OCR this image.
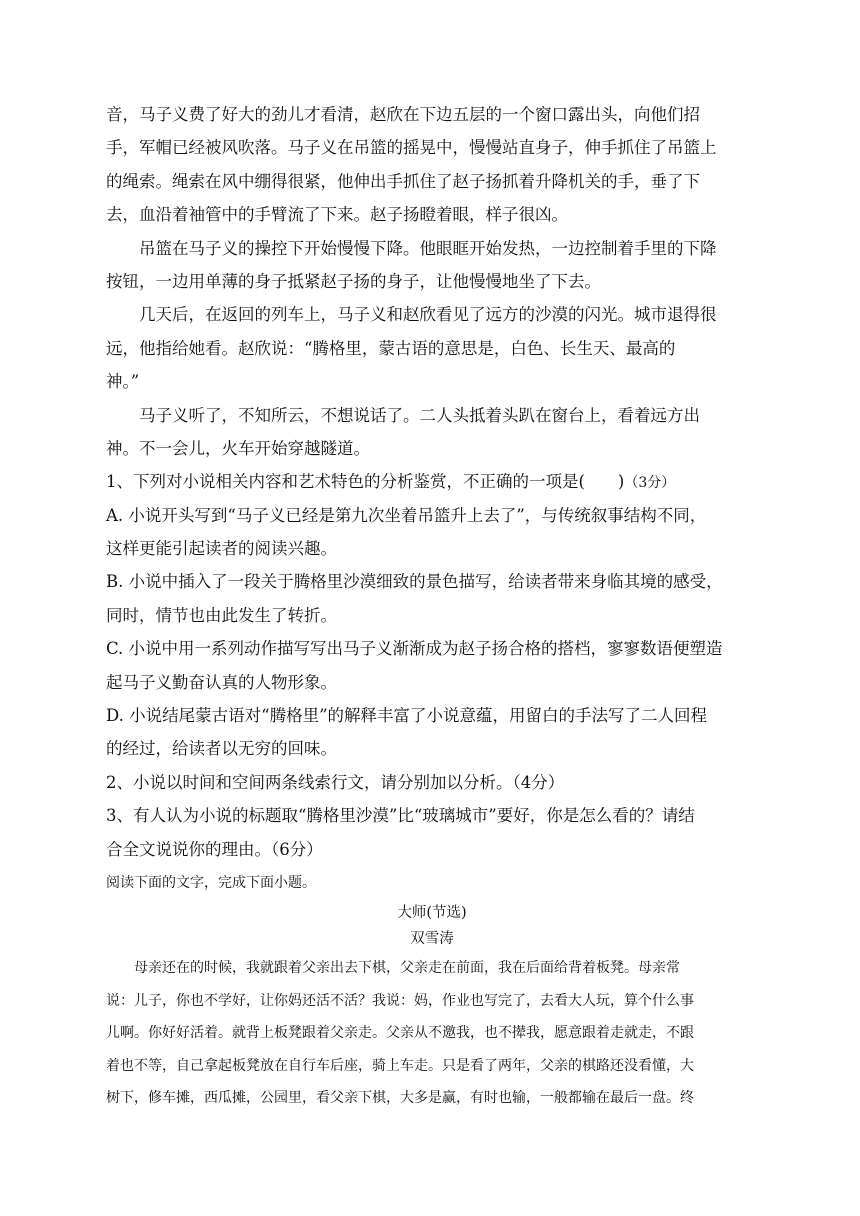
音，马子义费了好大的劲儿才看清，赵欣在下边五层的一个窗口露出头，向他们招
手，军帽已经被风吹落。马子义在吊篮的摇晃中，慢慢站直身子，伸手抓住了吊篮上
的绳索。绳索在风中绷得很紧，他伸出手抓住了赵子扬抓着升降机关的手，垂了下
去，血沿着袖管中的手臂流了下来。赵子扬瞪着眼，样子很凶。
吊篮在马子义的操控下开始慢慢下降。他眼眶开始发热，一边控制着手里的下降
按钮，一边用单薄的身子抵紧赵子扬的身子，让他慢慢地坐了下去。
几天后，在返回的列车上，马子义和赵欣看见了远方的沙漠的闪光。城市退得很
远，他指给她看。赵欣说：“腾格里，蒙古语的意思是，白色、长生天、最高的
神。”
马子义听了，不知所云，不想说话了。二人头抵着头趴在窗台上，看着远方出
神。不一会儿，火车开始穿越隧道。
1、下列对小说相关内容和艺术特色的分析鉴赏，不正确的一项是(　　)（3分）
A. 小说开头写到“马子义已经是第九次坐着吊篮升上去了”，与传统叙事结构不同，
这样更能引起读者的阅读兴趣。
B. 小说中插入了一段关于腾格里沙漠细致的景色描写，给读者带来身临其境的感受，
同时，情节也由此发生了转折。
C. 小说中用一系列动作描写写出马子义渐渐成为赵子扬合格的搭档，寥寥数语便塑造
起马子义勤奋认真的人物形象。
D. 小说结尾蒙古语对“腾格里”的解释丰富了小说意蕴，用留白的手法写了二人回程
的经过，给读者以无穷的回味。
2、小说以时间和空间两条线索行文，请分别加以分析。（4分）
3、有人认为小说的标题取“腾格里沙漠”比“玻璃城市”要好，你是怎么看的？请结
合全文说说你的理由。（6分）
阅读下面的文字，完成下面小题。
大师(节选)
双雪涛
母亲还在的时候，我就跟着父亲出去下棋，父亲走在前面，我在后面给背着板凳。母亲常
说：儿子，你也不学好，让你妈还活不活？我说：妈，作业也写完了，去看大人玩，算个什么事
儿啊。你好好活着。就背上板凳跟着父亲走。父亲从不邀我，也不撵我，愿意跟着走就走，不跟
着也不等，自己拿起板凳放在自行车后座，骑上车走。只是看了两年，父亲的棋路还没看懂，大
树下，修车摊，西瓜摊，公园里，看父亲下棋，大多是赢，有时也输，一般都输在最后一盘。终
